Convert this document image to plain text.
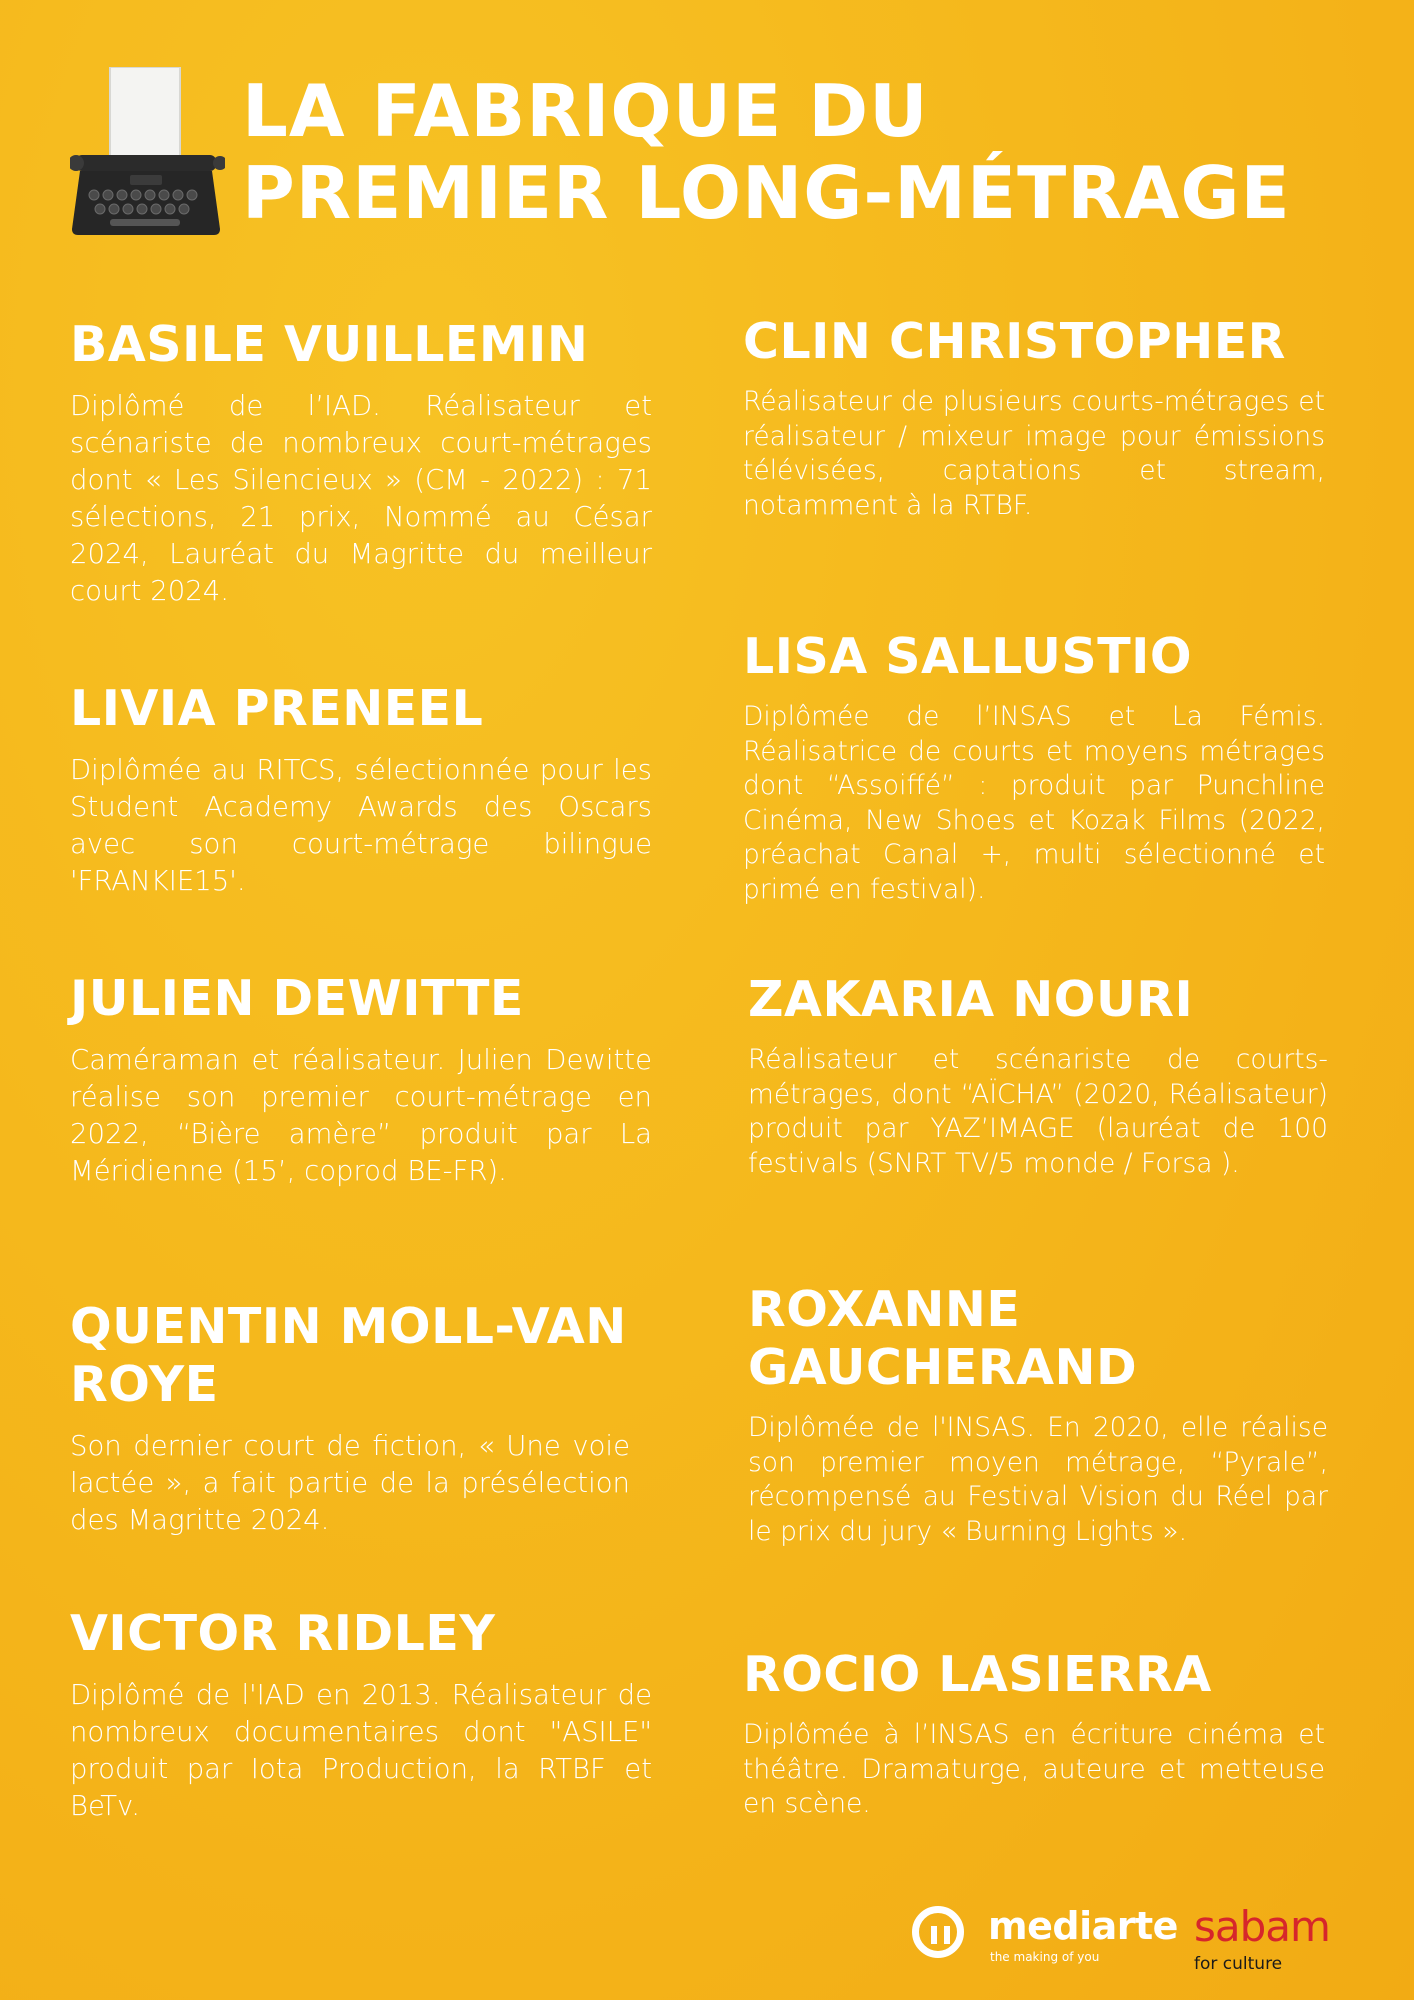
LA FABRIQUE DU
PREMIER LONG-MÉTRAGE
BASILE VUILLEMIN

Diplômé de l’IAD. Réalisateur et scénariste de nombreux court-métrages dont « Les Silencieux » (CM - 2022) : 71 sélections, 21 prix, Nommé au César 2024, Lauréat du Magritte du meilleur court 2024.

LIVIA PRENEEL

Diplômée au RITCS, sélectionnée pour les Student Academy Awards des Oscars avec son court-métrage bilingue 'FRANKIE15'.

JULIEN DEWITTE

Caméraman et réalisateur. Julien Dewitte réalise son premier court-métrage en 2022, “Bière amère” produit par La Méridienne (15’, coprod BE-FR).

QUENTIN MOLL-VAN ROYE

Son dernier court de fiction, « Une voie lactée », a fait partie de la présélection des Magritte 2024.

VICTOR RIDLEY

Diplômé de l'IAD en 2013. Réalisateur de nombreux documentaires dont "ASILE" produit par Iota Production, la RTBF et BeTv.

CLIN CHRISTOPHER

Réalisateur de plusieurs courts-métrages et réalisateur / mixeur image pour émissions télévisées, captations et stream, notamment à la RTBF.

LISA SALLUSTIO

Diplômée de l’INSAS et La Fémis. Réalisatrice de courts et moyens métrages dont “Assoiffé” : produit par Punchline Cinéma, New Shoes et Kozak Films (2022, préachat Canal +, multi sélectionné et primé en festival).

ZAKARIA NOURI

Réalisateur et scénariste de courts-métrages, dont “AÏCHA” (2020, Réalisateur) produit par YAZ’IMAGE (lauréat de 100 festivals (SNRT TV/5 monde / Forsa ).

ROXANNE GAUCHERAND

Diplômée de l'INSAS. En 2020, elle réalise son premier moyen métrage, “Pyrale”, récompensé au Festival Vision du Réel par le prix du jury « Burning Lights ».

ROCIO LASIERRA

Diplômée à l’INSAS en écriture cinéma et théâtre. Dramaturge, auteure et metteuse en scène.

mediarte
the making of you
sabam
for culture
